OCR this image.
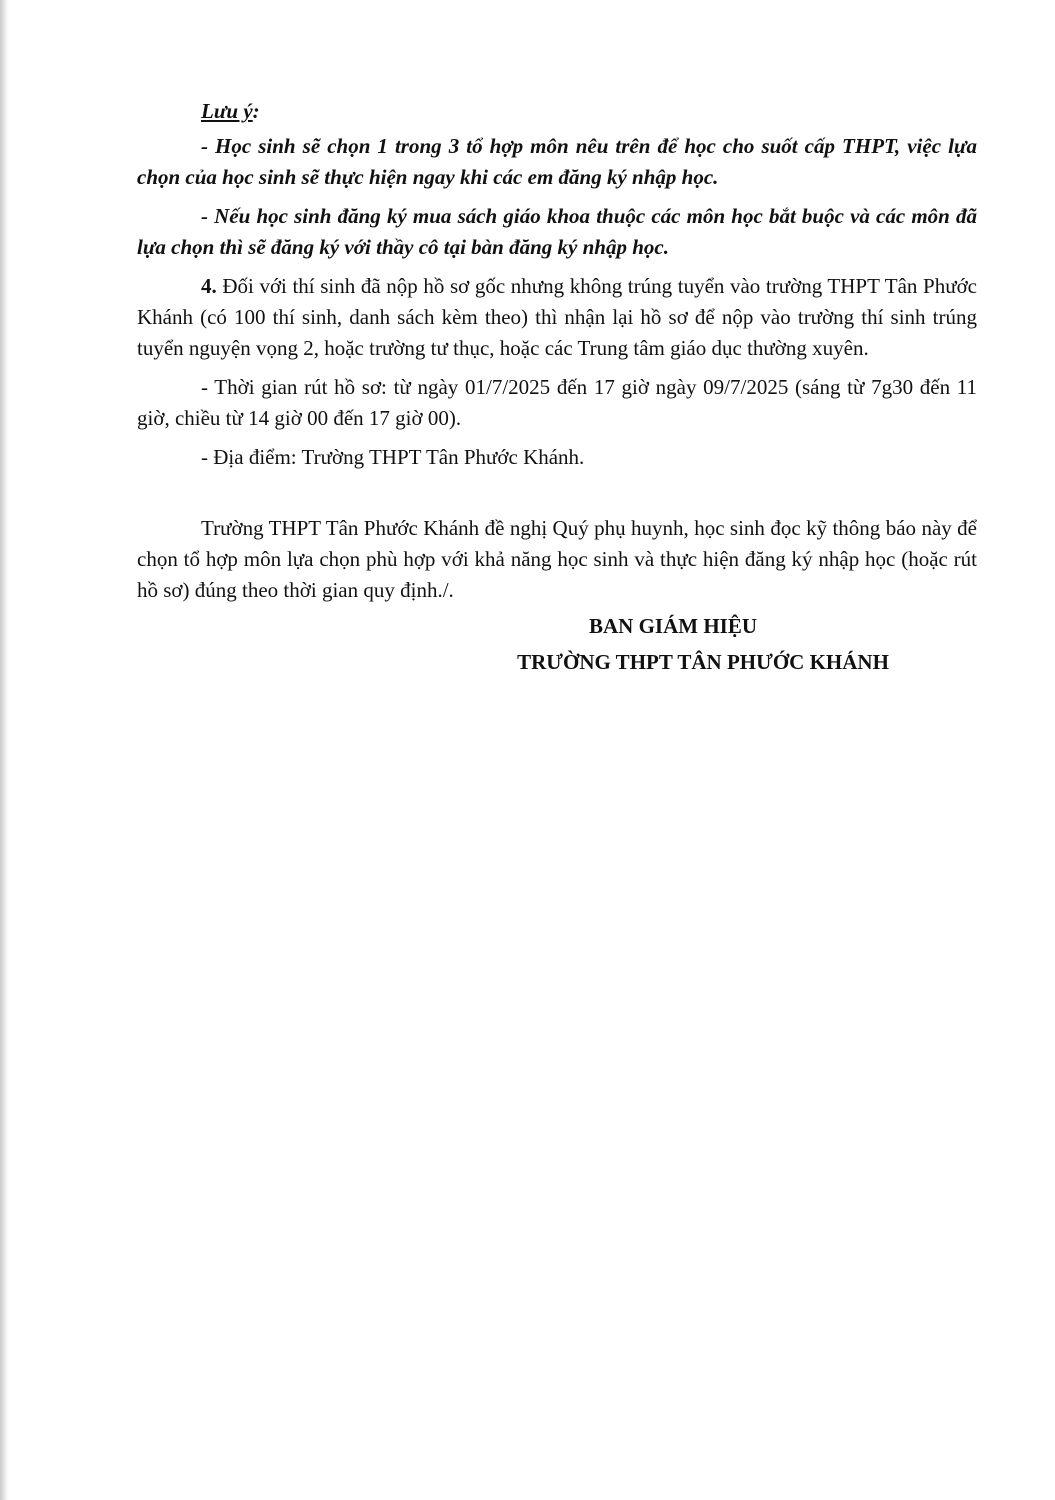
Lưu ý:

- Học sinh sẽ chọn 1 trong 3 tổ hợp môn nêu trên để học cho suốt cấp THPT, việc lựa chọn của học sinh sẽ thực hiện ngay khi các em đăng ký nhập học.

- Nếu học sinh đăng ký mua sách giáo khoa thuộc các môn học bắt buộc và các môn đã lựa chọn thì sẽ đăng ký với thầy cô tại bàn đăng ký nhập học.

4. Đối với thí sinh đã nộp hồ sơ gốc nhưng không trúng tuyển vào trường THPT Tân Phước Khánh (có 100 thí sinh, danh sách kèm theo) thì nhận lại hồ sơ để nộp vào trường thí sinh trúng tuyển nguyện vọng 2, hoặc trường tư thục, hoặc các Trung tâm giáo dục thường xuyên.

- Thời gian rút hồ sơ: từ ngày 01/7/2025 đến 17 giờ ngày 09/7/2025 (sáng từ 7g30 đến 11 giờ, chiều từ 14 giờ 00 đến 17 giờ 00).

- Địa điểm: Trường THPT Tân Phước Khánh.

Trường THPT Tân Phước Khánh đề nghị Quý phụ huynh, học sinh đọc kỹ thông báo này để chọn tổ hợp môn lựa chọn phù hợp với khả năng học sinh và thực hiện đăng ký nhập học (hoặc rút hồ sơ) đúng theo thời gian quy định./.

BAN GIÁM HIỆU

TRƯỜNG THPT TÂN PHƯỚC KHÁNH
